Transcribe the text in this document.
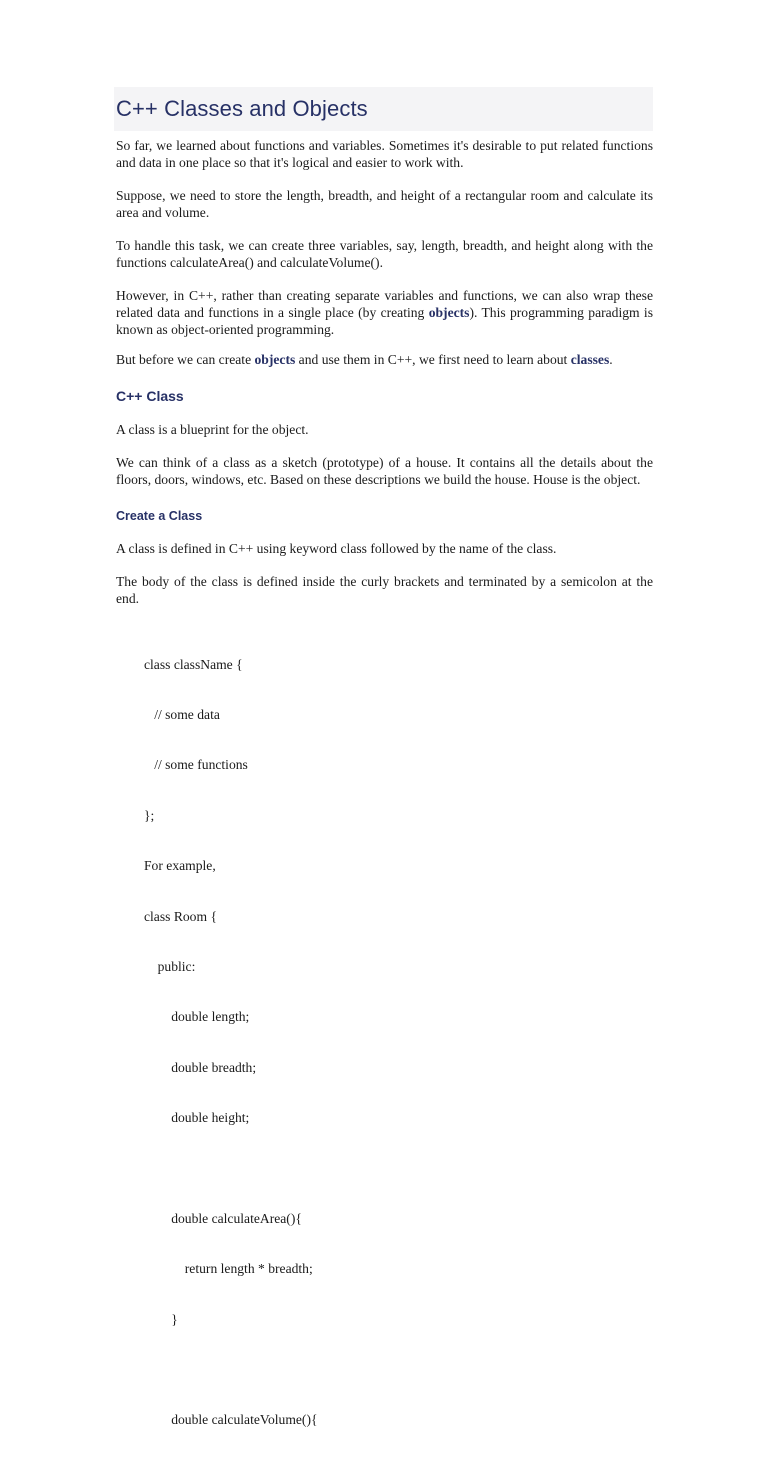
C++ Classes and Objects

So far, we learned about functions and variables. Sometimes it's desirable to put related functions and data in one place so that it's logical and easier to work with.

Suppose, we need to store the length, breadth, and height of a rectangular room and calculate its area and volume.

To handle this task, we can create three variables, say, length, breadth, and height along with the functions calculateArea() and calculateVolume().

However, in C++, rather than creating separate variables and functions, we can also wrap these related data and functions in a single place (by creating objects). This programming paradigm is known as object-oriented programming.

But before we can create objects and use them in C++, we first need to learn about classes.

C++ Class

A class is a blueprint for the object.

We can think of a class as a sketch (prototype) of a house. It contains all the details about the floors, doors, windows, etc. Based on these descriptions we build the house. House is the object.

Create a Class

A class is defined in C++ using keyword class followed by the name of the class.

The body of the class is defined inside the curly brackets and terminated by a semicolon at the end.

class className {

// some data

// some functions

};

For example,

class Room {

public:

double length;

double breadth;

double height;

double calculateArea(){

return length * breadth;

}

double calculateVolume(){
